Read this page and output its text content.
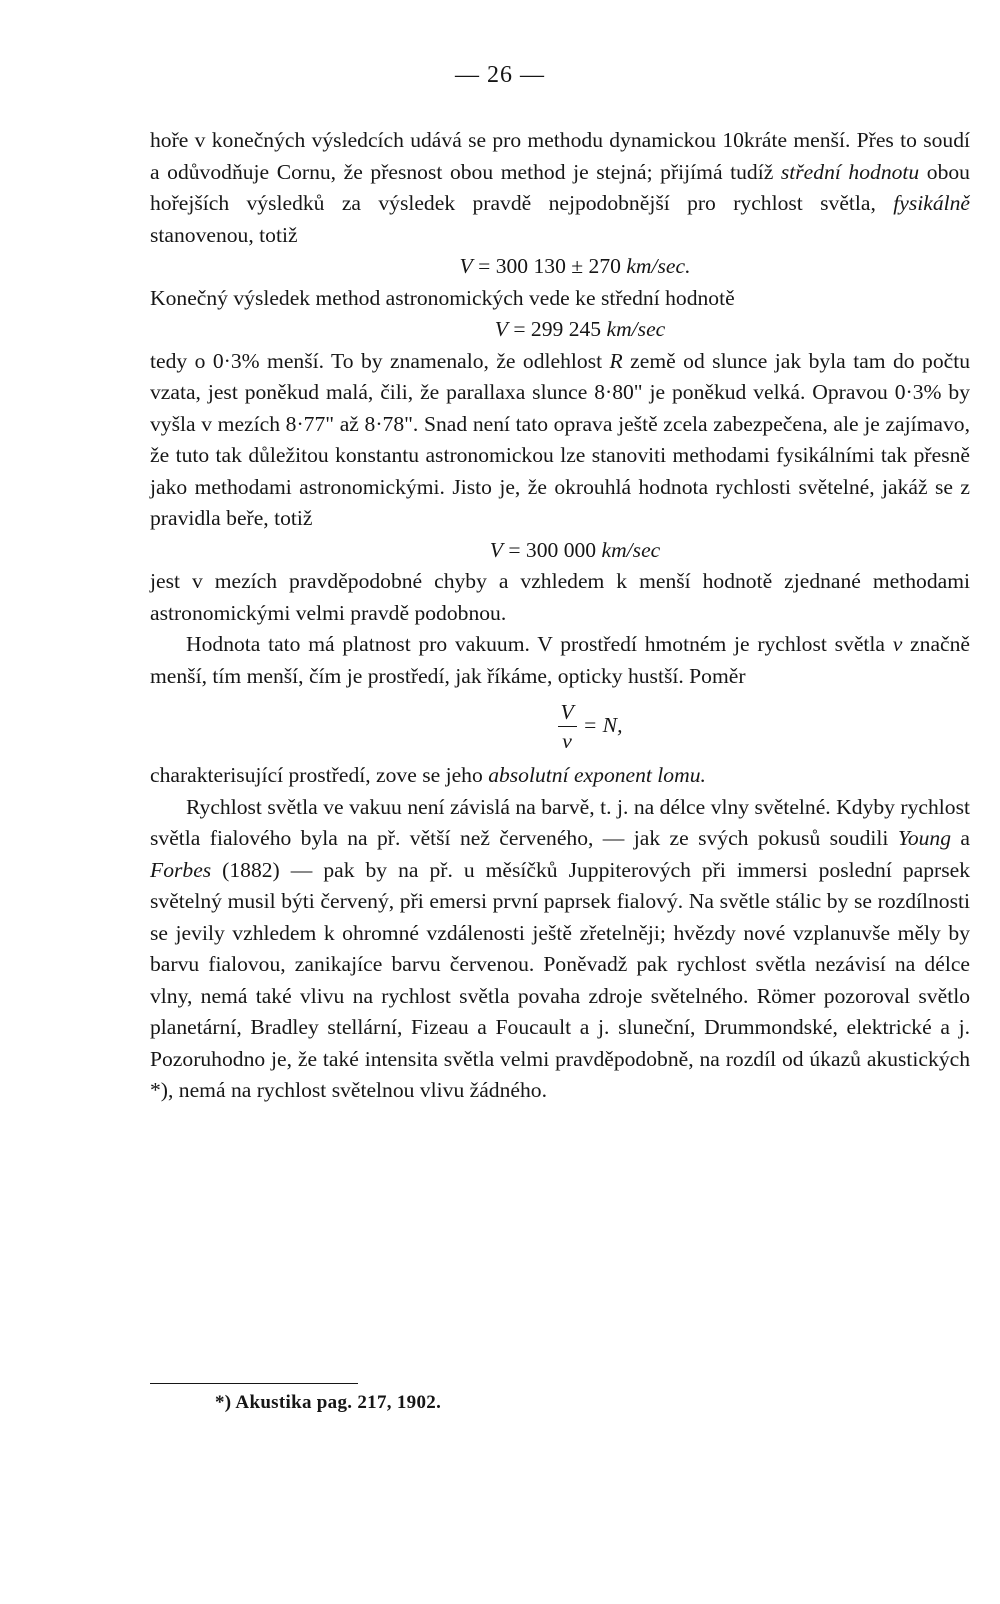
— 26 —

hoře v konečných výsledcích udává se pro methodu dynamickou 10kráte menší. Přes to soudí a odůvodňuje Cornu, že přesnost obou method je stejná; přijímá tudíž střední hodnotu obou hořejších výsledků za výsledek pravdě nejpodobnější pro rychlost světla, fysikálně stanovenou, totiž

V = 300 130 ± 270 km/sec.

Konečný výsledek method astronomických vede ke střední hodnotě

V = 299 245 km/sec

tedy o 0·3% menší. To by znamenalo, že odlehlost R země od slunce jak byla tam do počtu vzata, jest poněkud malá, čili, že parallaxa slunce 8·80" je poněkud velká. Opravou 0·3% by vyšla v mezích 8·77" až 8·78". Snad není tato oprava ještě zcela zabezpečena, ale je zajímavo, že tuto tak důležitou konstantu astronomickou lze stanoviti methodami fysikálními tak přesně jako methodami astronomickými. Jisto je, že okrouhlá hodnota rychlosti světelné, jakáž se z pravidla beře, totiž

V = 300 000 km/sec

jest v mezích pravděpodobné chyby a vzhledem k menší hodnotě zjednané methodami astronomickými velmi pravdě podobnou.

Hodnota tato má platnost pro vakuum. V prostředí hmotném je rychlost světla v značně menší, tím menší, čím je prostředí, jak říkáme, opticky hustší. Poměr

$\frac{V}{v} = N$,

charakterisující prostředí, zove se jeho absolutní exponent lomu.

Rychlost světla ve vakuu není závislá na barvě, t. j. na délce vlny světelné. Kdyby rychlost světla fialového byla na př. větší než červeného, — jak ze svých pokusů soudili Young a Forbes (1882) — pak by na př. u měsíčků Juppiterových při immersi poslední paprsek světelný musil býti červený, při emersi první paprsek fialový. Na světle stálic by se rozdílnosti se jevily vzhledem k ohromné vzdálenosti ještě zřetelněji; hvězdy nové vzplanuvše měly by barvu fialovou, zanikajíce barvu červenou. Poněvadž pak rychlost světla nezávisí na délce vlny, nemá také vlivu na rychlost světla povaha zdroje světelného. Römer pozoroval světlo planetární, Bradley stellární, Fizeau a Foucault a j. sluneční, Drummondské, elektrické a j. Pozoruhodno je, že také intensita světla velmi pravděpodobně, na rozdíl od úkazů akustických *), nemá na rychlost světelnou vlivu žádného.

*) Akustika pag. 217, 1902.
